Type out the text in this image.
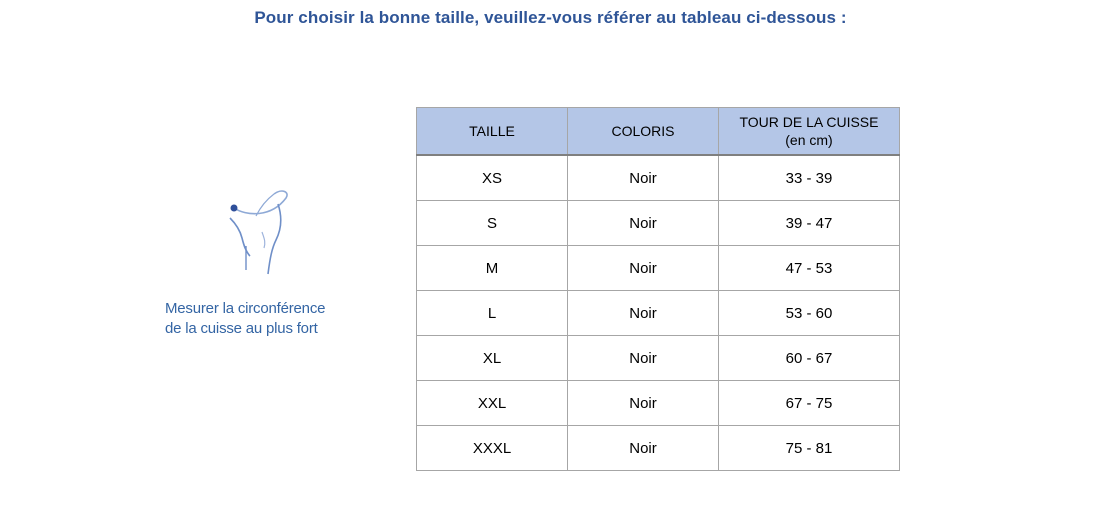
Pour choisir la bonne taille, veuillez-vous référer au tableau ci-dessous :
Mesurer la circonférence
de la cuisse au plus fort
TAILLE	COLORIS	TOUR DE LA CUISSE
(en cm)

XS	Noir	33 - 39
S	Noir	39 - 47
M	Noir	47 - 53
L	Noir	53 - 60
XL	Noir	60 - 67
XXL	Noir	67 - 75
XXXL	Noir	75 - 81
